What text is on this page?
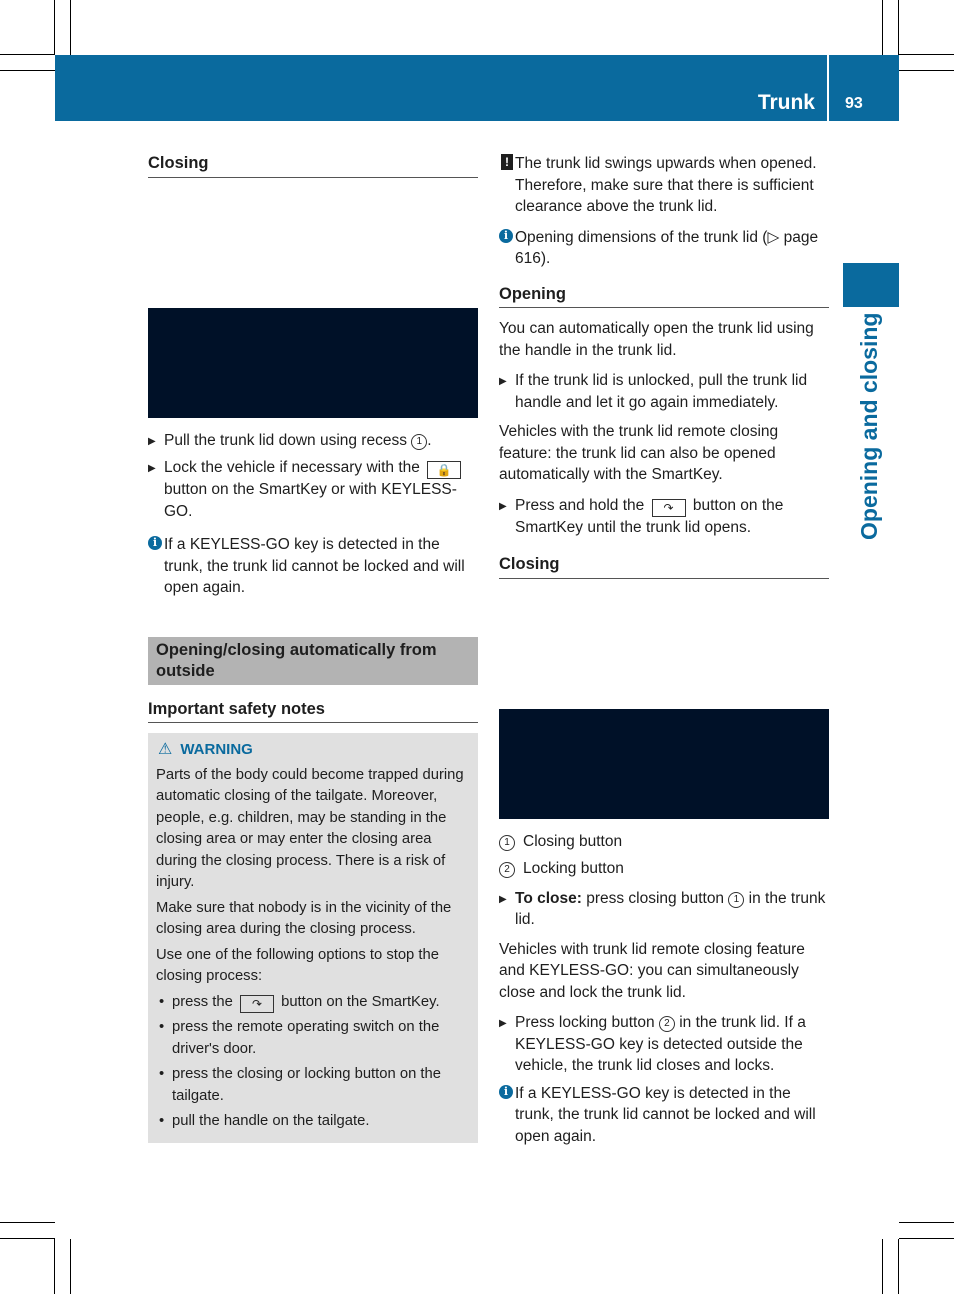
Trunk 93
Opening and closing
Closing
▶ Pull the trunk lid down using recess 1 .
▶ Lock the vehicle if necessary with the 🔒 button on the SmartKey or with KEYLESS-GO.
i If a KEYLESS-GO key is detected in the trunk, the trunk lid cannot be locked and will open again.
Opening/closing automatically from outside
Important safety notes
⚠ WARNING

Parts of the body could become trapped during automatic closing of the tailgate. Moreover, people, e.g. children, may be standing in the closing area or may enter the closing area during the closing process. There is a risk of injury.

Make sure that nobody is in the vicinity of the closing area during the closing process.

Use one of the following options to stop the closing process:

• press the ↷ button on the SmartKey.
• press the remote operating switch on the driver's door.
• press the closing or locking button on the tailgate.
• pull the handle on the tailgate.
! The trunk lid swings upwards when opened. Therefore, make sure that there is sufficient clearance above the trunk lid.
i Opening dimensions of the trunk lid (▷ page 616).
Opening

You can automatically open the trunk lid using the handle in the trunk lid.

▶ If the trunk lid is unlocked, pull the trunk lid handle and let it go again immediately.

Vehicles with the trunk lid remote closing feature: the trunk lid can also be opened automatically with the SmartKey.

▶ Press and hold the ↷ button on the SmartKey until the trunk lid opens.
Closing
1 Closing button
2 Locking button
▶ To close: press closing button 1 in the trunk lid.

Vehicles with trunk lid remote closing feature and KEYLESS-GO: you can simultaneously close and lock the trunk lid.

▶ Press locking button 2 in the trunk lid. If a KEYLESS-GO key is detected outside the vehicle, the trunk lid closes and locks.
i If a KEYLESS-GO key is detected in the trunk, the trunk lid cannot be locked and will open again.
